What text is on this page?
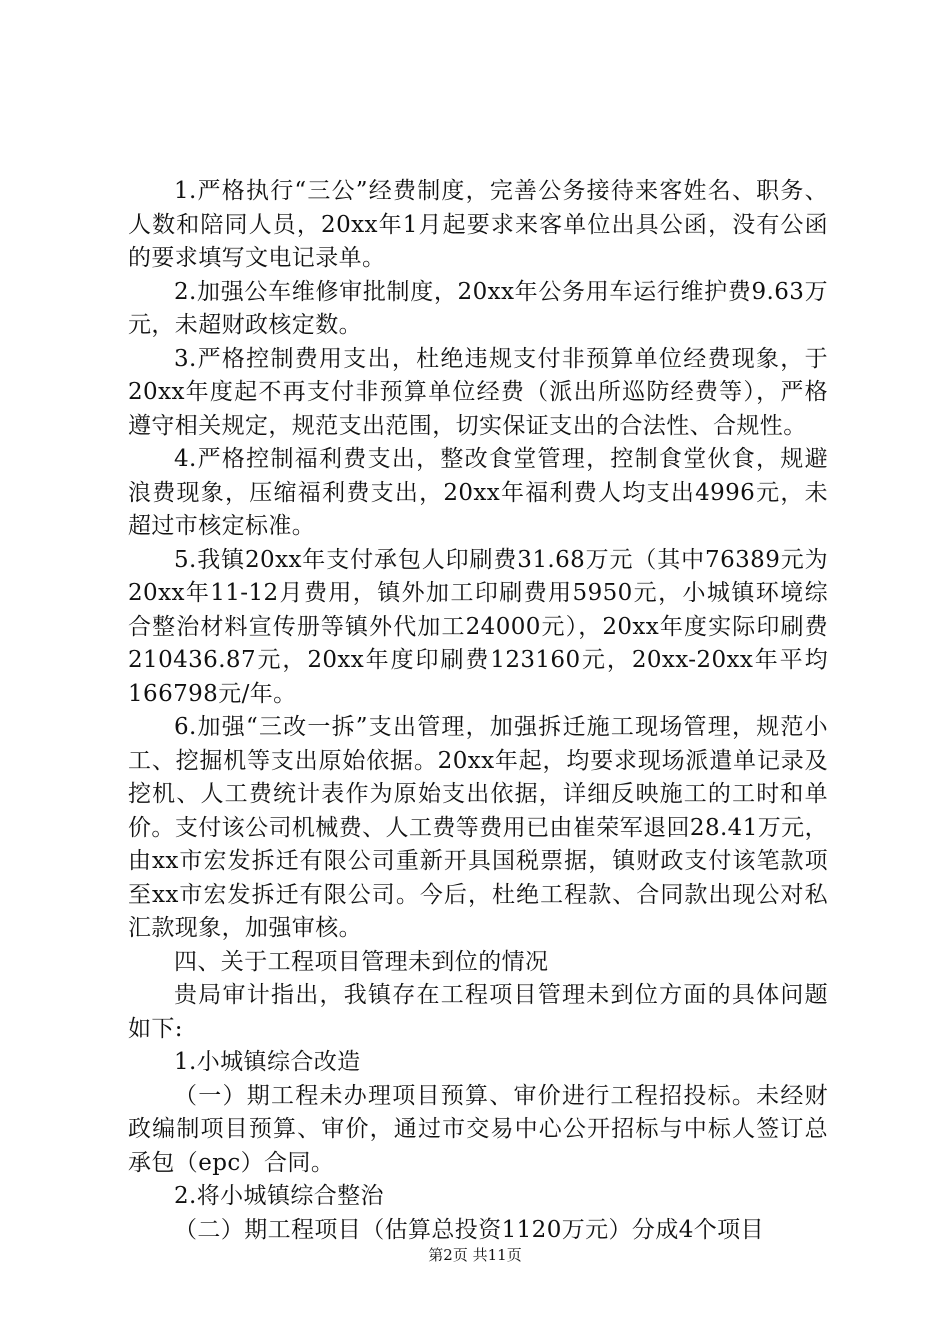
1.严格执行“三公”经费制度，完善公务接待来客姓名、职务、人数和陪同人员，20xx年1月起要求来客单位出具公函，没有公函的要求填写文电记录单。

2.加强公车维修审批制度，20xx年公务用车运行维护费9.63万元，未超财政核定数。

3.严格控制费用支出，杜绝违规支付非预算单位经费现象，于20xx年度起不再支付非预算单位经费（派出所巡防经费等），严格遵守相关规定，规范支出范围，切实保证支出的合法性、合规性。

4.严格控制福利费支出，整改食堂管理，控制食堂伙食，规避浪费现象，压缩福利费支出，20xx年福利费人均支出4996元，未超过市核定标准。

5.我镇20xx年支付承包人印刷费31.68万元（其中76389元为20xx年11-12月费用，镇外加工印刷费用5950元，小城镇环境综合整治材料宣传册等镇外代加工24000元），20xx年度实际印刷费210436.87元，20xx年度印刷费123160元，20xx-20xx年平均166798元/年。

6.加强“三改一拆”支出管理，加强拆迁施工现场管理，规范小工、挖掘机等支出原始依据。20xx年起，均要求现场派遣单记录及挖机、人工费统计表作为原始支出依据，详细反映施工的工时和单价。支付该公司机械费、人工费等费用已由崔荣军退回28.41万元，由xx市宏发拆迁有限公司重新开具国税票据，镇财政支付该笔款项至xx市宏发拆迁有限公司。今后，杜绝工程款、合同款出现公对私汇款现象，加强审核。

四、关于工程项目管理未到位的情况

贵局审计指出，我镇存在工程项目管理未到位方面的具体问题如下:

1.小城镇综合改造

（一）期工程未办理项目预算、审价进行工程招投标。未经财政编制项目预算、审价，通过市交易中心公开招标与中标人签订总承包（epc）合同。

2.将小城镇综合整治

（二）期工程项目（估算总投资1120万元）分成4个项目

第2页 共11页
